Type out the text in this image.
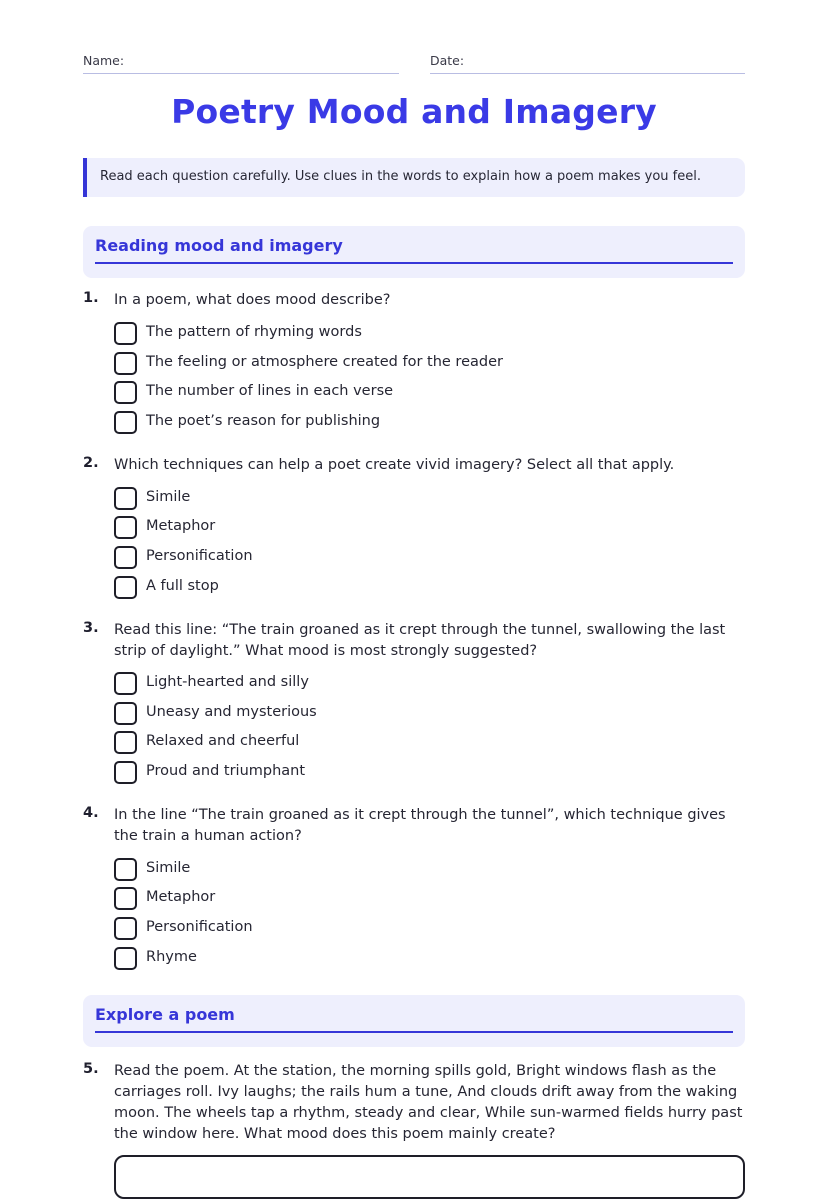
Name:	Date:
Poetry Mood and Imagery
Read each question carefully. Use clues in the words to explain how a poem makes you feel.
Reading mood and imagery
1. In a poem, what does mood describe?
The pattern of rhyming words
The feeling or atmosphere created for the reader
The number of lines in each verse
The poet’s reason for publishing
2. Which techniques can help a poet create vivid imagery? Select all that apply.
Simile
Metaphor
Personification
A full stop
3. Read this line: “The train groaned as it crept through the tunnel, swallowing the last strip of daylight.” What mood is most strongly suggested?
Light-hearted and silly
Uneasy and mysterious
Relaxed and cheerful
Proud and triumphant
4. In the line “The train groaned as it crept through the tunnel”, which technique gives the train a human action?
Simile
Metaphor
Personification
Rhyme
Explore a poem
5. Read the poem. At the station, the morning spills gold, Bright windows flash as the carriages roll. Ivy laughs; the rails hum a tune, And clouds drift away from the waking moon. The wheels tap a rhythm, steady and clear, While sun-warmed fields hurry past the window here. What mood does this poem mainly create?
